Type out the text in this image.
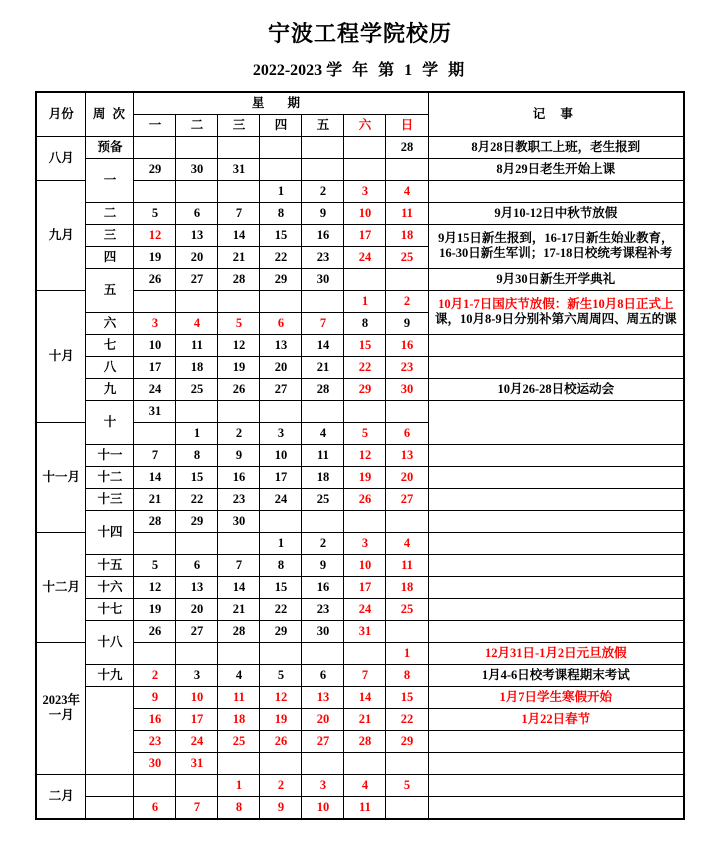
宁波工程学院校历
2022-2023 学 年 第 1 学 期
月份	周 次	星 期							记 事
		一	二	三	四	五	六	日	
八月	预备							28	8月28日教职工上班，老生报到
	一	29	30	31					8月29日老生开始上课
九月					1	2	3	4	
	二	5	6	7	8	9	10	11	9月10-12日中秋节放假
	三	12	13	14	15	16	17	18	9月15日新生报到，16-17日新生始业教育，
16-30日新生军训；17-18日校统考课程补考

	四	19	20	21	22	23	24	25	
	五	26	27	28	29	30			9月30日新生开学典礼
十月							1	2	10月1-7日国庆节放假：新生10月8日正式上
课，10月8-9日分别补第六周周四、周五的课

	六	3	4	5	6	7	8	9	
	七	10	11	12	13	14	15	16	
	八	17	18	19	20	21	22	23	
	九	24	25	26	27	28	29	30	10月26-28日校运动会
	十	31							
十一月			1	2	3	4	5	6	
	十一	7	8	9	10	11	12	13	
	十二	14	15	16	17	18	19	20	
	十三	21	22	23	24	25	26	27	
	十四	28	29	30					
十二月					1	2	3	4	
	十五	5	6	7	8	9	10	11	
	十六	12	13	14	15	16	17	18	
	十七	19	20	21	22	23	24	25	
	十八	26	27	28	29	30	31		

2023年
一月								1	12月31日-1月2日元旦放假
	十九	2	3	4	5	6	7	8	1月4-6日校考课程期末考试
		9	10	11	12	13	14	15	1月7日学生寒假开始
		16	17	18	19	20	21	22	1月22日春节
		23	24	25	26	27	28	29	
		30	31						
二月				1	2	3	4	5	
		6	7	8	9	10	11		
